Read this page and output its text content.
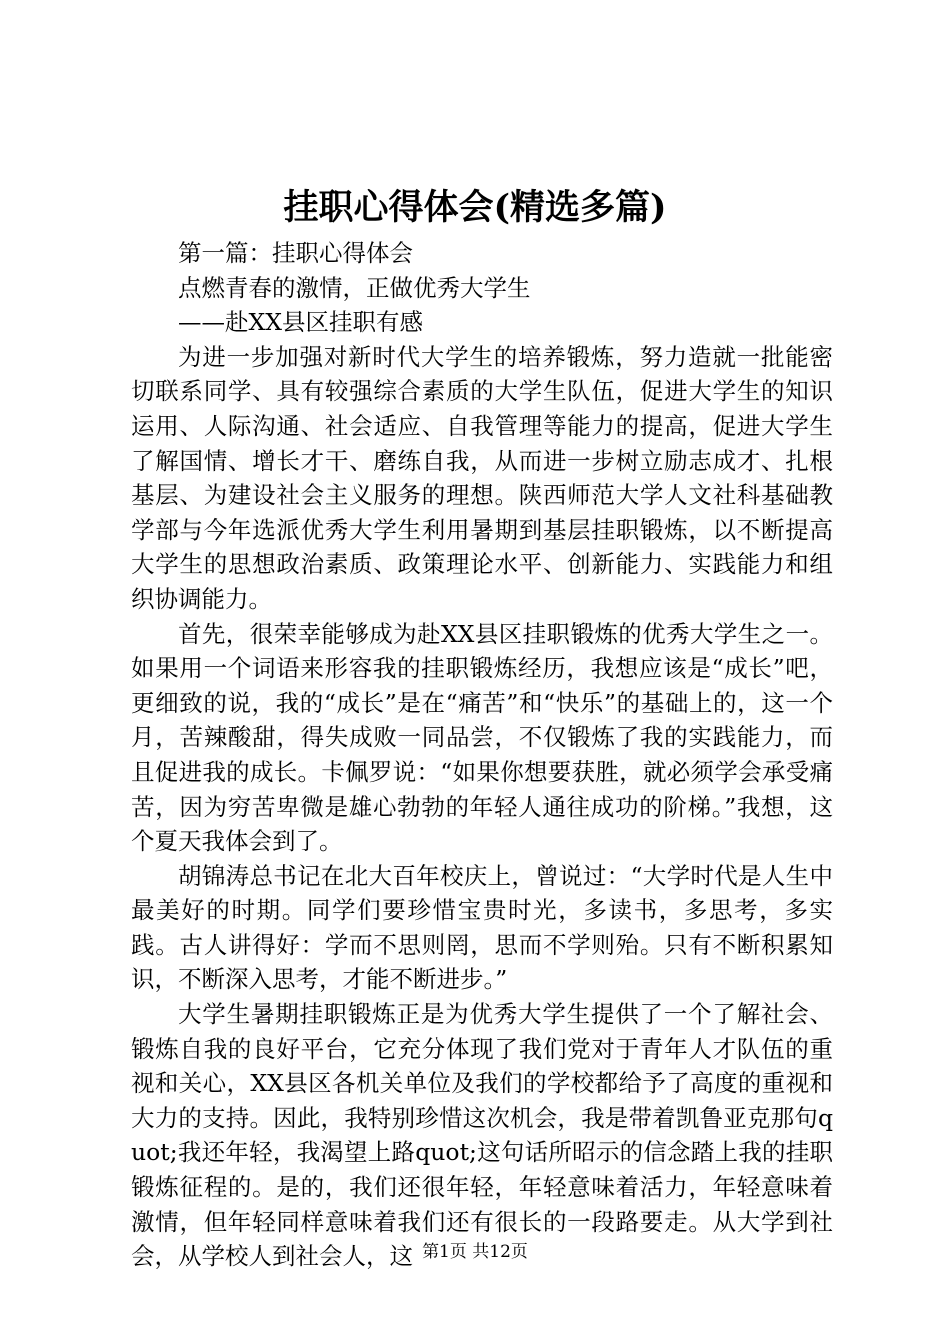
挂职心得体会(精选多篇)

第一篇：挂职心得体会

点燃青春的激情，正做优秀大学生

——赴XX县区挂职有感

为进一步加强对新时代大学生的培养锻炼，努力造就一批能密切联系同学、具有较强综合素质的大学生队伍，促进大学生的知识运用、人际沟通、社会适应、自我管理等能力的提高，促进大学生了解国情、增长才干、磨练自我，从而进一步树立励志成才、扎根基层、为建设社会主义服务的理想。陕西师范大学人文社科基础教学部与今年选派优秀大学生利用暑期到基层挂职锻炼，以不断提高大学生的思想政治素质、政策理论水平、创新能力、实践能力和组织协调能力。

首先，很荣幸能够成为赴XX县区挂职锻炼的优秀大学生之一。如果用一个词语来形容我的挂职锻炼经历，我想应该是“成长”吧，更细致的说，我的“成长”是在“痛苦”和“快乐”的基础上的，这一个月，苦辣酸甜，得失成败一同品尝，不仅锻炼了我的实践能力，而且促进我的成长。卡佩罗说：“如果你想要获胜，就必须学会承受痛苦，因为穷苦卑微是雄心勃勃的年轻人通往成功的阶梯。”我想，这个夏天我体会到了。

胡锦涛总书记在北大百年校庆上，曾说过：“大学时代是人生中最美好的时期。同学们要珍惜宝贵时光，多读书，多思考，多实践。古人讲得好：学而不思则罔，思而不学则殆。只有不断积累知识，不断深入思考，才能不断进步。”

大学生暑期挂职锻炼正是为优秀大学生提供了一个了解社会、锻炼自我的良好平台，它充分体现了我们党对于青年人才队伍的重视和关心，XX县区各机关单位及我们的学校都给予了高度的重视和大力的支持。因此，我特别珍惜这次机会，我是带着凯鲁亚克那句quot;我还年轻，我渴望上路quot;这句话所昭示的信念踏上我的挂职锻炼征程的。是的，我们还很年轻，年轻意味着活力，年轻意味着激情，但年轻同样意味着我们还有很长的一段路要走。从大学到社会，从学校人到社会人，这 第1页 共12页
